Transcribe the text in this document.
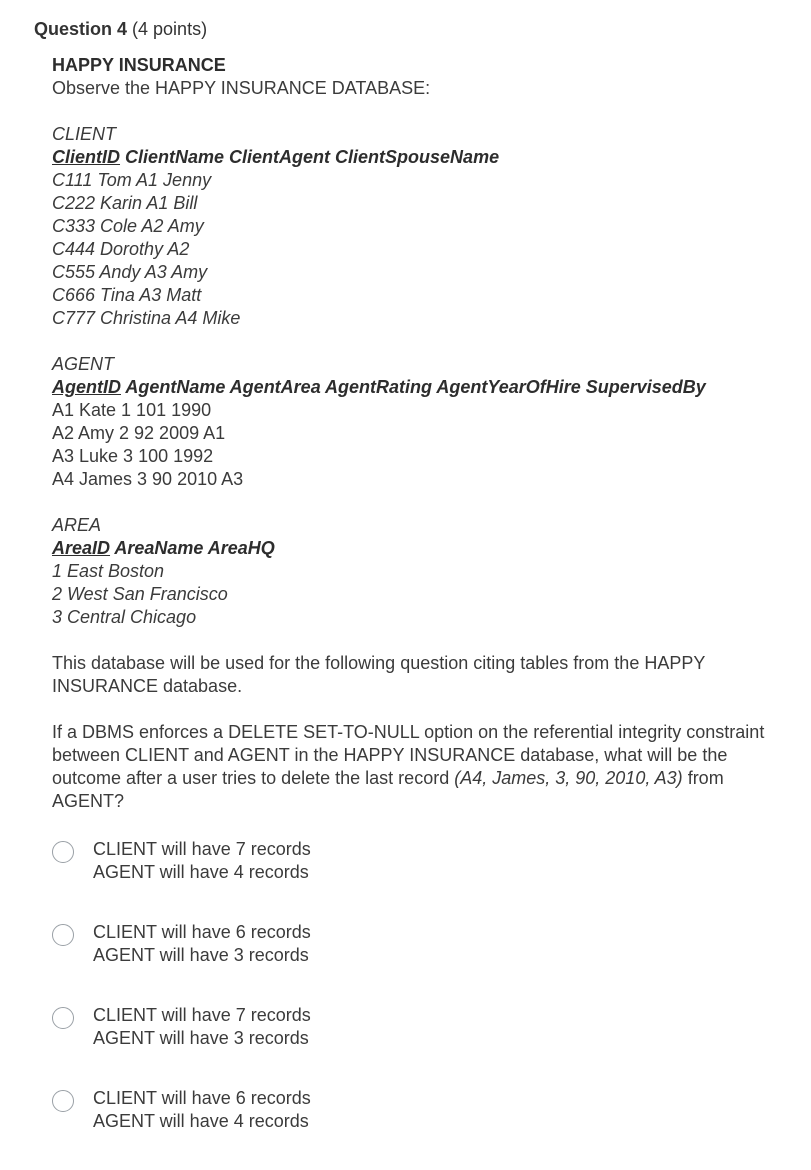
Question 4 (4 points)
HAPPY INSURANCE
Observe the HAPPY INSURANCE DATABASE:
CLIENT
ClientID ClientName ClientAgent ClientSpouseName
C111 Tom A1 Jenny
C222 Karin A1 Bill
C333 Cole A2 Amy
C444 Dorothy A2
C555 Andy A3 Amy
C666 Tina A3 Matt
C777 Christina A4 Mike
AGENT
AgentID AgentName AgentArea AgentRating AgentYearOfHire SupervisedBy
A1 Kate 1 101 1990
A2 Amy 2 92 2009 A1
A3 Luke 3 100 1992
A4 James 3 90 2010 A3
AREA
AreaID AreaName AreaHQ
1 East Boston
2 West San Francisco
3 Central Chicago
This database will be used for the following question citing tables from the HAPPY INSURANCE database.
If a DBMS enforces a DELETE SET-TO-NULL option on the referential integrity constraint between CLIENT and AGENT in the HAPPY INSURANCE database, what will be the outcome after a user tries to delete the last record (A4, James, 3, 90, 2010, A3) from AGENT?
CLIENT will have 7 records
AGENT will have 4 records
CLIENT will have 6 records
AGENT will have 3 records
CLIENT will have 7 records
AGENT will have 3 records
CLIENT will have 6 records
AGENT will have 4 records
